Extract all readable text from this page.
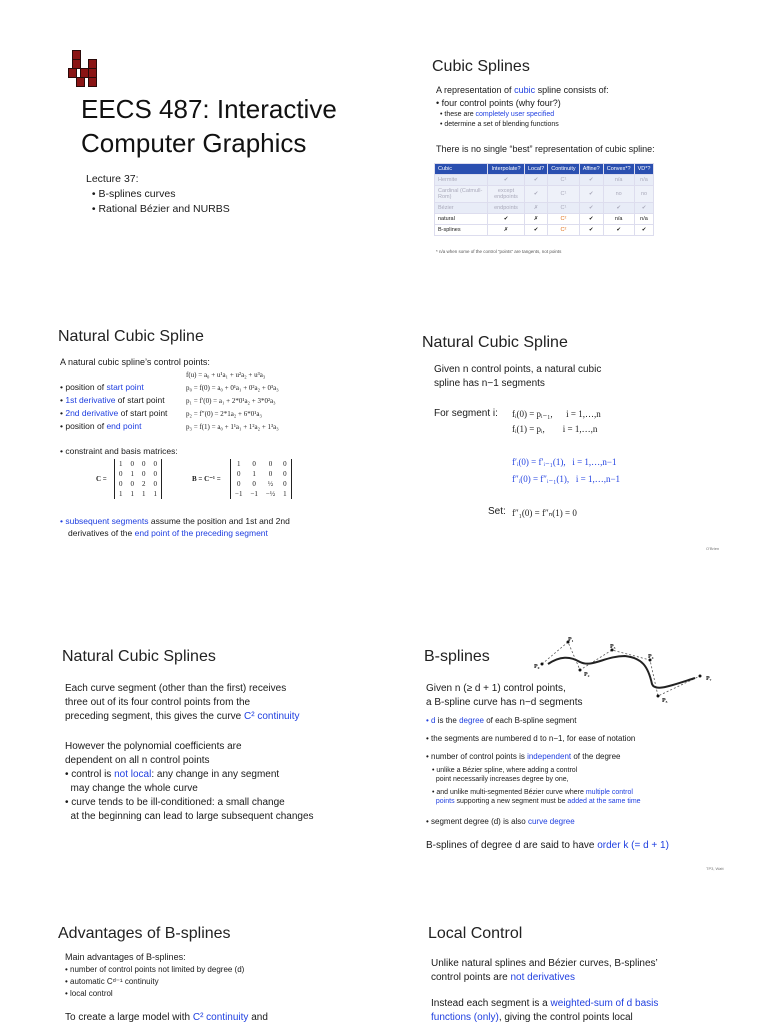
EECS 487: Interactive
Computer Graphics
Lecture 37:
• B-splines curves
• Rational Bézier and NURBS
Cubic Splines
A representation of cubic spline consists of:
• four control points (why four?)
• these are completely user specified
• determine a set of blending functions
There is no single “best” representation of cubic spline:
Cubic	Interpolate?	Local?	Continuity	Affine?	Convex*?	VD*?
Hermite	✔	✔	C¹	✔	n/a	n/a
Cardinal (Catmull-Rom)	except endpoints	✔	C¹	✔	no	no
Bézier	endpoints	✗	C¹	✔	✔	✔
natural	✔	✗	C²	✔	n/a	n/a
B-splines	✗	✔	C²	✔	✔	✔
* n/a when some of the control “points” are tangents, not points
Natural Cubic Spline
A natural cubic spline’s control points:
f(u) = a₀ + u¹a₁ + u²a₂ + u³a₃
• position of start point	p₀ = f(0) = a₀ + 0¹a₁ + 0²a₂ + 0³a₃
• 1st derivative of start point	p₁ = f′(0) = a₁ + 2*0¹a₂ + 3*0²a₃
• 2nd derivative of start point	p₂ = f″(0) = 2*1a₂ + 6*0¹a₃
• position of end point	p₃ = f(1) = a₀ + 1¹a₁ + 1²a₂ + 1³a₃
• constraint and basis matrices:
C =
1	0	0	0
0	1	0	0
0	0	2	0
1	1	1	1
B = C⁻¹ =
1	0	0	0
0	1	0	0
0	0	½	0
−1	−1	−½	1
• subsequent segments assume the position and 1st and 2nd
derivatives of the end point of the preceding segment
Natural Cubic Spline
Given n control points, a natural cubic
spline has n−1 segments
For segment i: fᵢ(0) = pᵢ₋₁,      i = 1,…,n
fᵢ(1) = pᵢ,        i = 1,…,n
f′ᵢ(0) = f′ᵢ₋₁(1),   i = 1,…,n−1
f″ᵢ(0) = f″ᵢ₋₁(1),   i = 1,…,n−1
Set: f″₁(0) = f″ₙ(1) = 0
O'Brien
Natural Cubic Splines
Each curve segment (other than the first) receives
three out of its four control points from the
preceding segment, this gives the curve C² continuity
However the polynomial coefficients are
dependent on all n control points
• control is not local: any change in any segment
may change the whole curve
• curve tends to be ill-conditioned: a small change
at the beginning can lead to large subsequent changes
B-splines
P₀
P₁
P₂
P₃
P₄
P₅
P₇
Given n (≥ d + 1) control points,
a B-spline curve has n−d segments
• d is the degree of each B-spline segment
• the segments are numbered d to n−1, for ease of notation
• number of control points is independent of the degree
• unlike a Bézier spline, where adding a control
point necessarily increases degree by one,
• and unlike multi-segmented Bézier curve where multiple control
points supporting a new segment must be added at the same time
• segment degree (d) is also curve degree
B-splines of degree d are said to have order k (= d + 1)
TP3, Watt
Advantages of B-splines
Main advantages of B-splines:
• number of control points not limited by degree (d)
• automatic Cᵈ⁻¹ continuity
• local control
To create a large model with C² continuity and
Local Control
Unlike natural splines and Bézier curves, B-splines’
control points are not derivatives
Instead each segment is a weighted-sum of d basis
functions (only), giving the control points local
